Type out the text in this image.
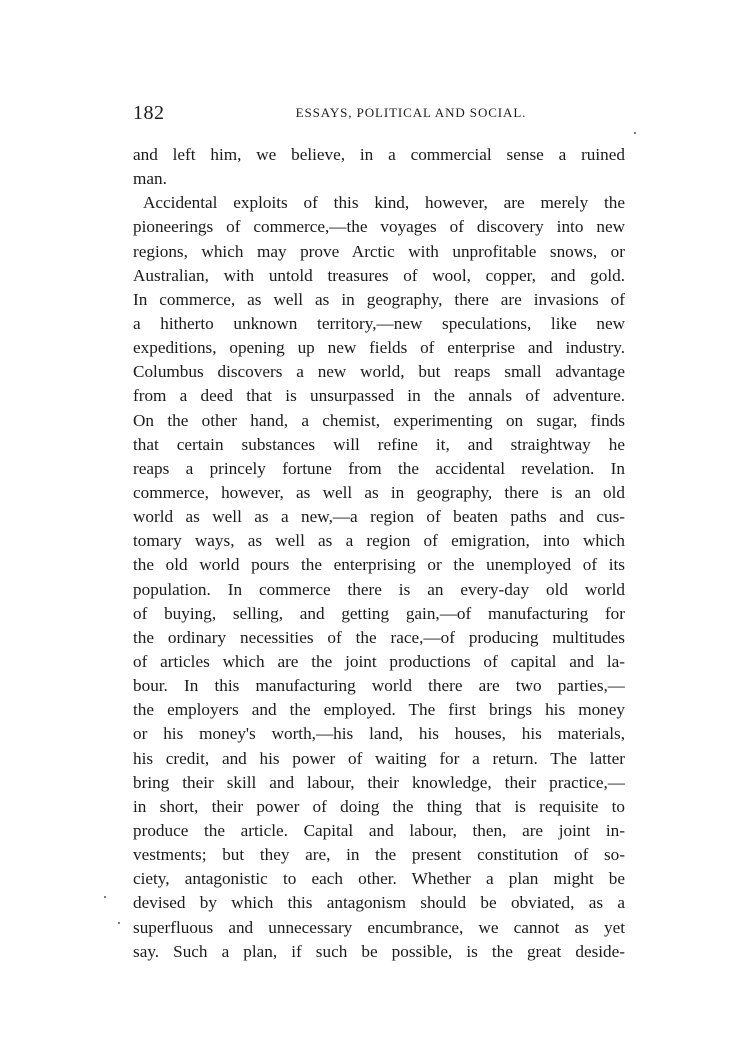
182	ESSAYS, POLITICAL AND SOCIAL.
and left him, we believe, in a commercial sense a ruined
man.
Accidental exploits of this kind, however, are merely the
pioneerings of commerce,—the voyages of discovery into new
regions, which may prove Arctic with unprofitable snows, or
Australian, with untold treasures of wool, copper, and gold.
In commerce, as well as in geography, there are invasions of
a hitherto unknown territory,—new speculations, like new
expeditions, opening up new fields of enterprise and industry.
Columbus discovers a new world, but reaps small advantage
from a deed that is unsurpassed in the annals of adventure.
On the other hand, a chemist, experimenting on sugar, finds
that certain substances will refine it, and straightway he
reaps a princely fortune from the accidental revelation. In
commerce, however, as well as in geography, there is an old
world as well as a new,—a region of beaten paths and cus-
tomary ways, as well as a region of emigration, into which
the old world pours the enterprising or the unemployed of its
population. In commerce there is an every-day old world
of buying, selling, and getting gain,—of manufacturing for
the ordinary necessities of the race,—of producing multitudes
of articles which are the joint productions of capital and la-
bour. In this manufacturing world there are two parties,—
the employers and the employed. The first brings his money
or his money's worth,—his land, his houses, his materials,
his credit, and his power of waiting for a return. The latter
bring their skill and labour, their knowledge, their practice,—
in short, their power of doing the thing that is requisite to
produce the article. Capital and labour, then, are joint in-
vestments; but they are, in the present constitution of so-
ciety, antagonistic to each other. Whether a plan might be
devised by which this antagonism should be obviated, as a
superfluous and unnecessary encumbrance, we cannot as yet
say. Such a plan, if such be possible, is the great deside-
